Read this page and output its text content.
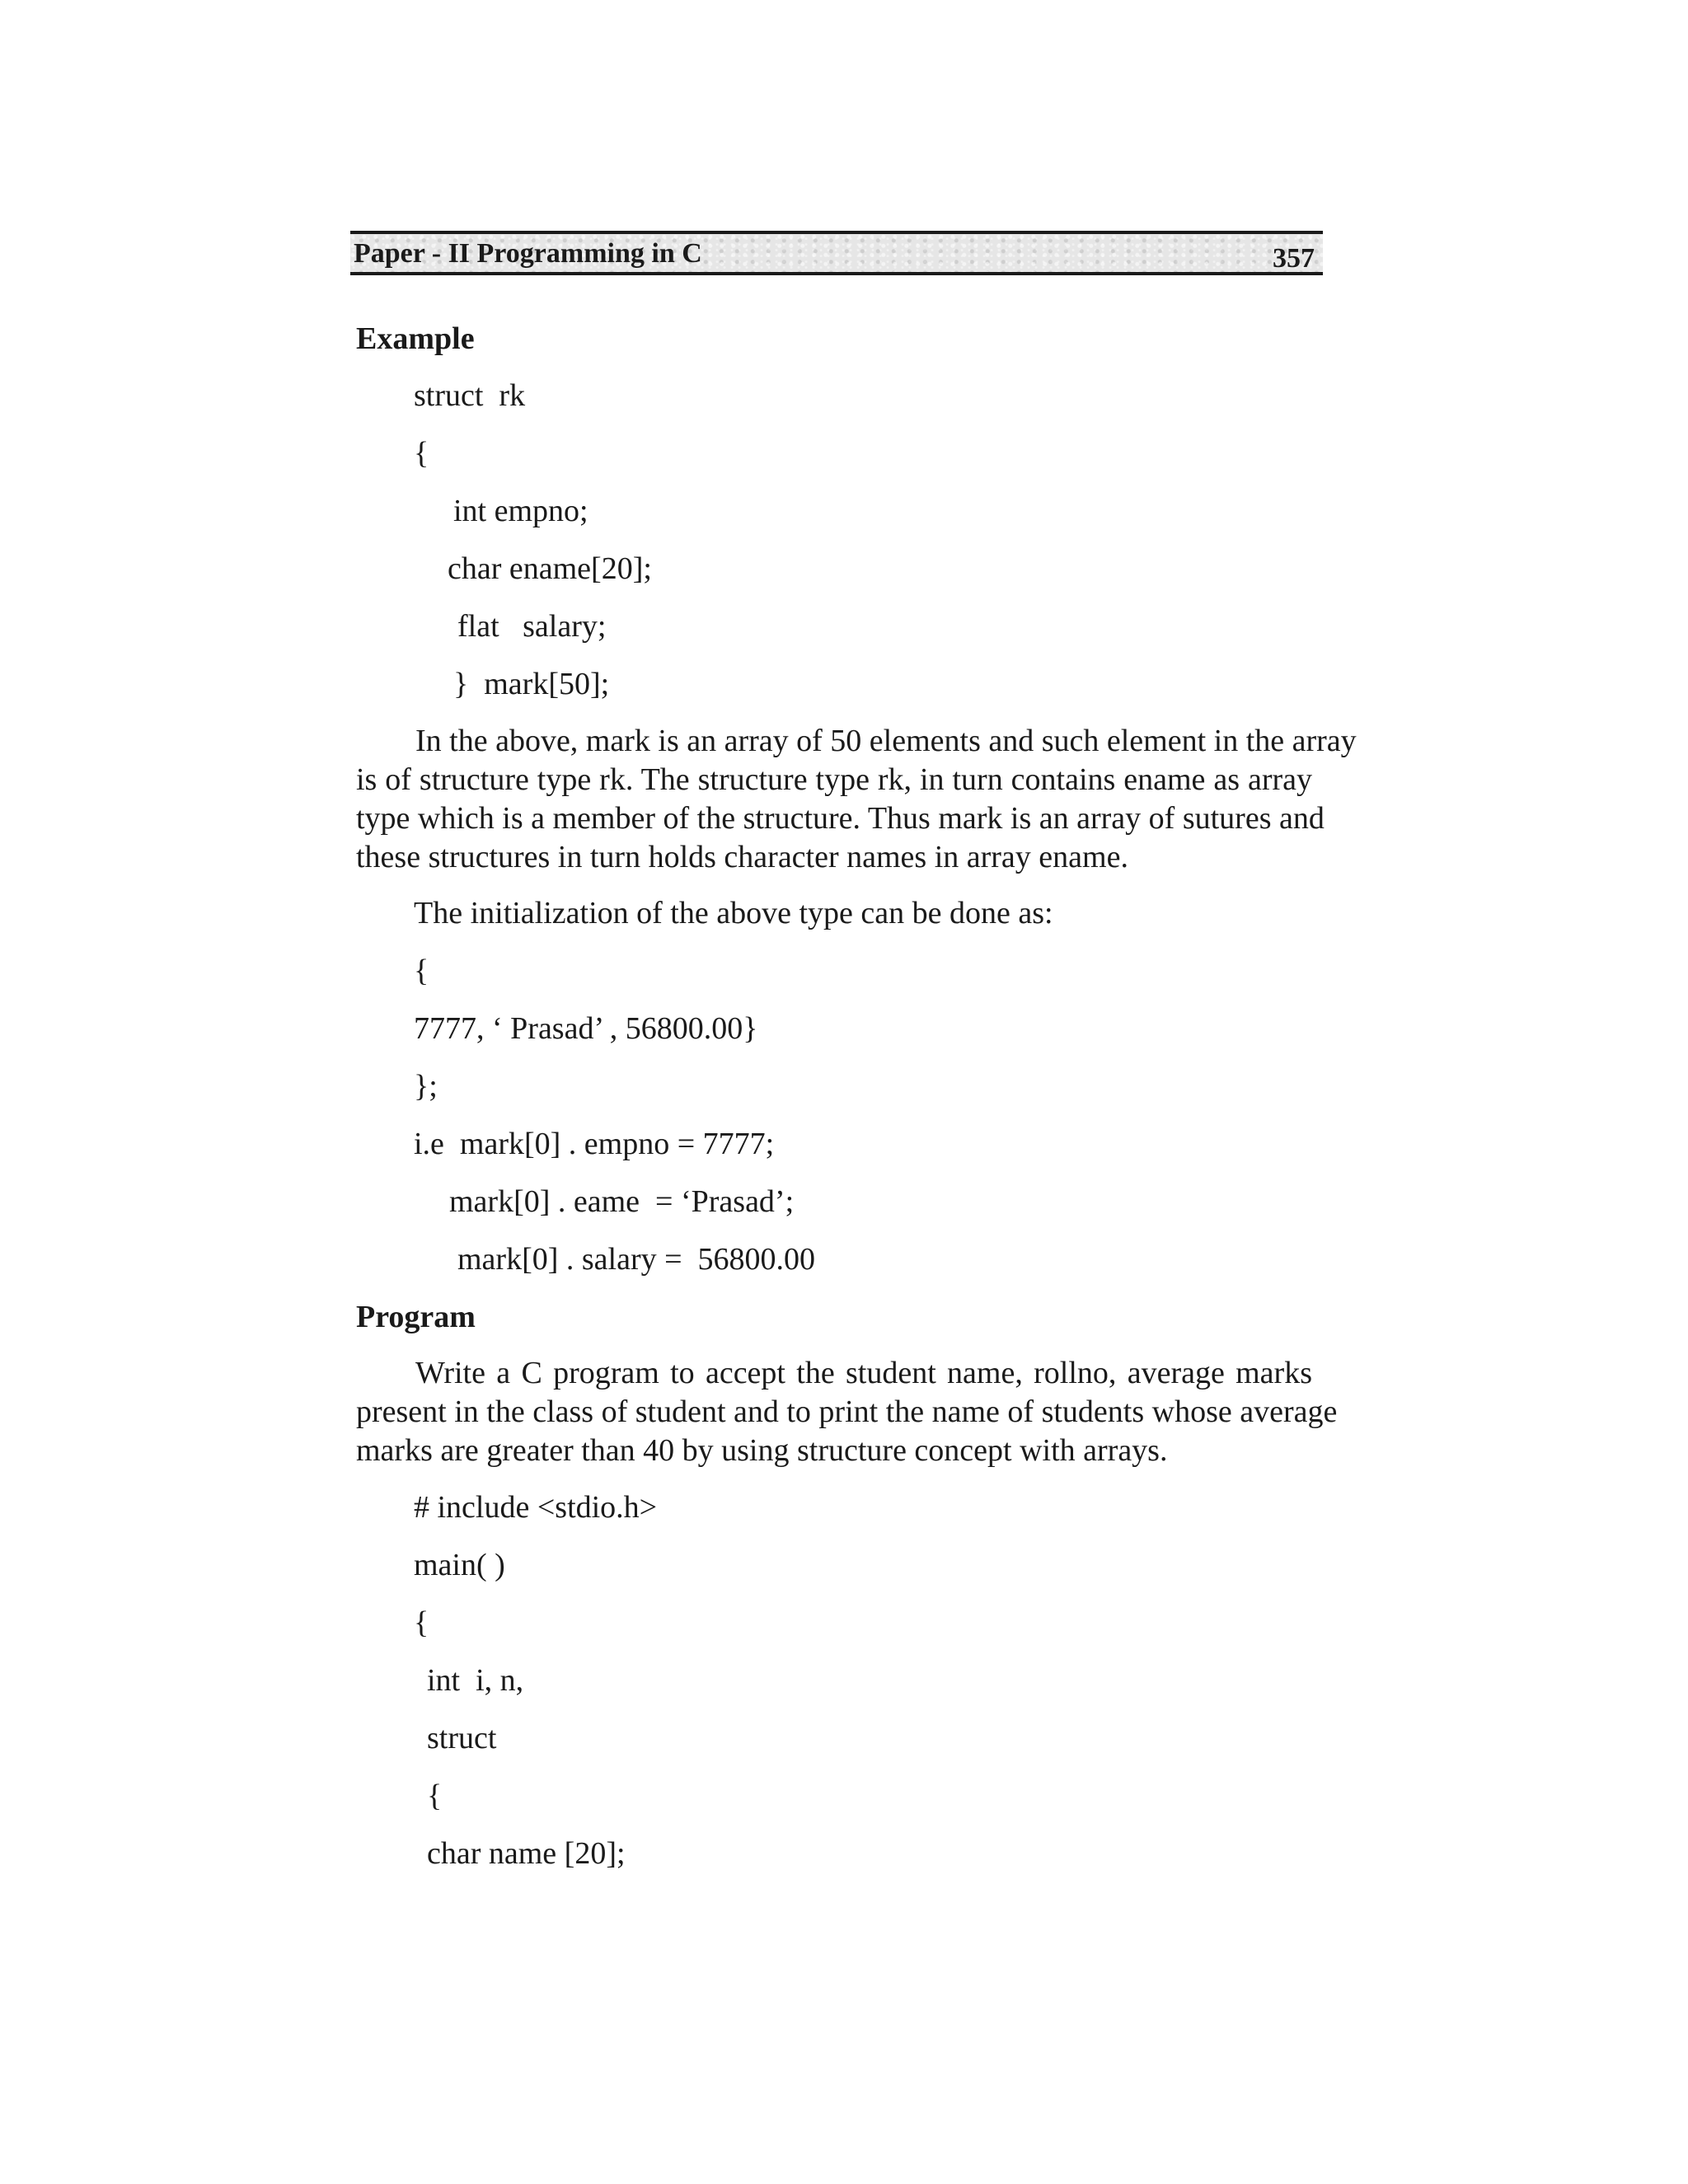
Paper - II Programming in C	357
Example
struct  rk
{
int empno;
char ename[20];
flat   salary;
}  mark[50];
In the above, mark is an array of 50 elements and such element in the array
is of structure type rk. The structure type rk, in turn contains ename as array
type which is a member of the structure. Thus mark is an array of sutures and
these structures in turn holds character names in array ename.
The initialization of the above type can be done as:
{
7777, ‘ Prasad’ , 56800.00}
};
i.e  mark[0] . empno = 7777;
mark[0] . eame  = ‘Prasad’;
mark[0] . salary =  56800.00
Program
Write a C program to accept the student name, rollno, average marks
present in the class of student and to print the name of students whose average
marks are greater than 40 by using structure concept with arrays.
# include <stdio.h>
main( )
{
int  i, n,
struct
{
char name [20];
